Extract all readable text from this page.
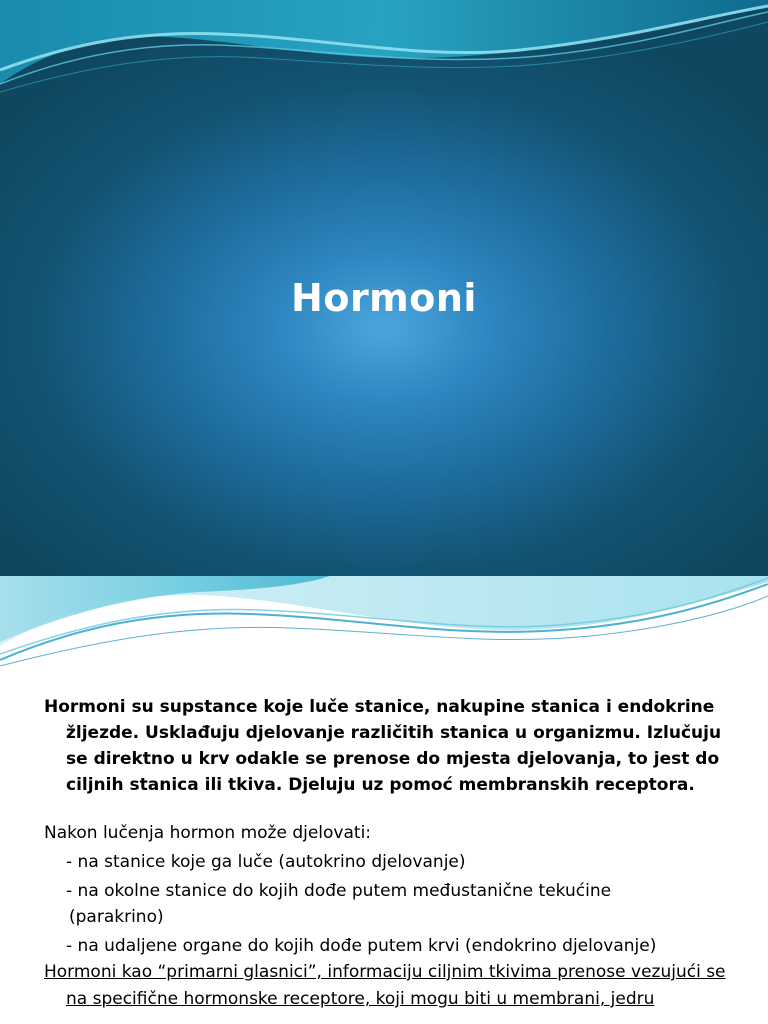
Hormoni
Hormoni su supstance koje luče stanice, nakupine stanica i endokrine žljezde. Usklađuju djelovanje različitih stanica u organizmu. Izlučuju se direktno u krv odakle se prenose do mjesta djelovanja, to jest do ciljnih stanica ili tkiva. Djeluju uz pomoć membranskih receptora.
Nakon lučenja hormon može djelovati:
- na stanice koje ga luče (autokrino djelovanje)
- na okolne stanice do kojih dođe putem međustanične tekućine
(parakrino)
- na udaljene organe do kojih dođe putem krvi (endokrino djelovanje)
Hormoni kao “primarni glasnici”, informaciju ciljnim tkivima prenose vezujući se na specifične hormonske receptore, koji mogu biti u membrani, jedru
